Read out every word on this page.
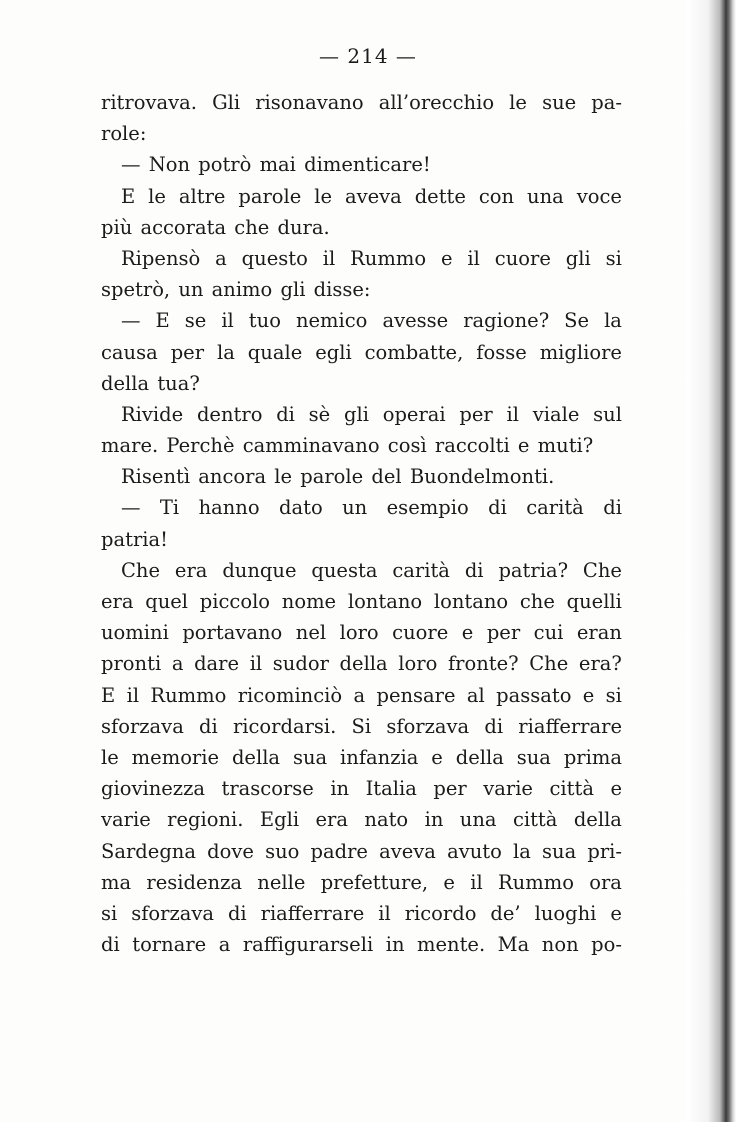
— 214 —
ritrovava. Gli risonavano all’orecchio le sue pa-
role:
— Non potrò mai dimenticare!
E le altre parole le aveva dette con una voce
più accorata che dura.
Ripensò a questo il Rummo e il cuore gli si
spetrò, un animo gli disse:
— E se il tuo nemico avesse ragione? Se la
causa per la quale egli combatte, fosse migliore
della tua?
Rivide dentro di sè gli operai per il viale sul
mare. Perchè camminavano così raccolti e muti?
Risentì ancora le parole del Buondelmonti.
— Ti hanno dato un esempio di carità di
patria!
Che era dunque questa carità di patria? Che
era quel piccolo nome lontano lontano che quelli
uomini portavano nel loro cuore e per cui eran
pronti a dare il sudor della loro fronte? Che era?
E il Rummo ricominciò a pensare al passato e si
sforzava di ricordarsi. Si sforzava di riafferrare
le memorie della sua infanzia e della sua prima
giovinezza trascorse in Italia per varie città e
varie regioni. Egli era nato in una città della
Sardegna dove suo padre aveva avuto la sua pri-
ma residenza nelle prefetture, e il Rummo ora
si sforzava di riafferrare il ricordo de’ luoghi e
di tornare a raffigurarseli in mente. Ma non po-
